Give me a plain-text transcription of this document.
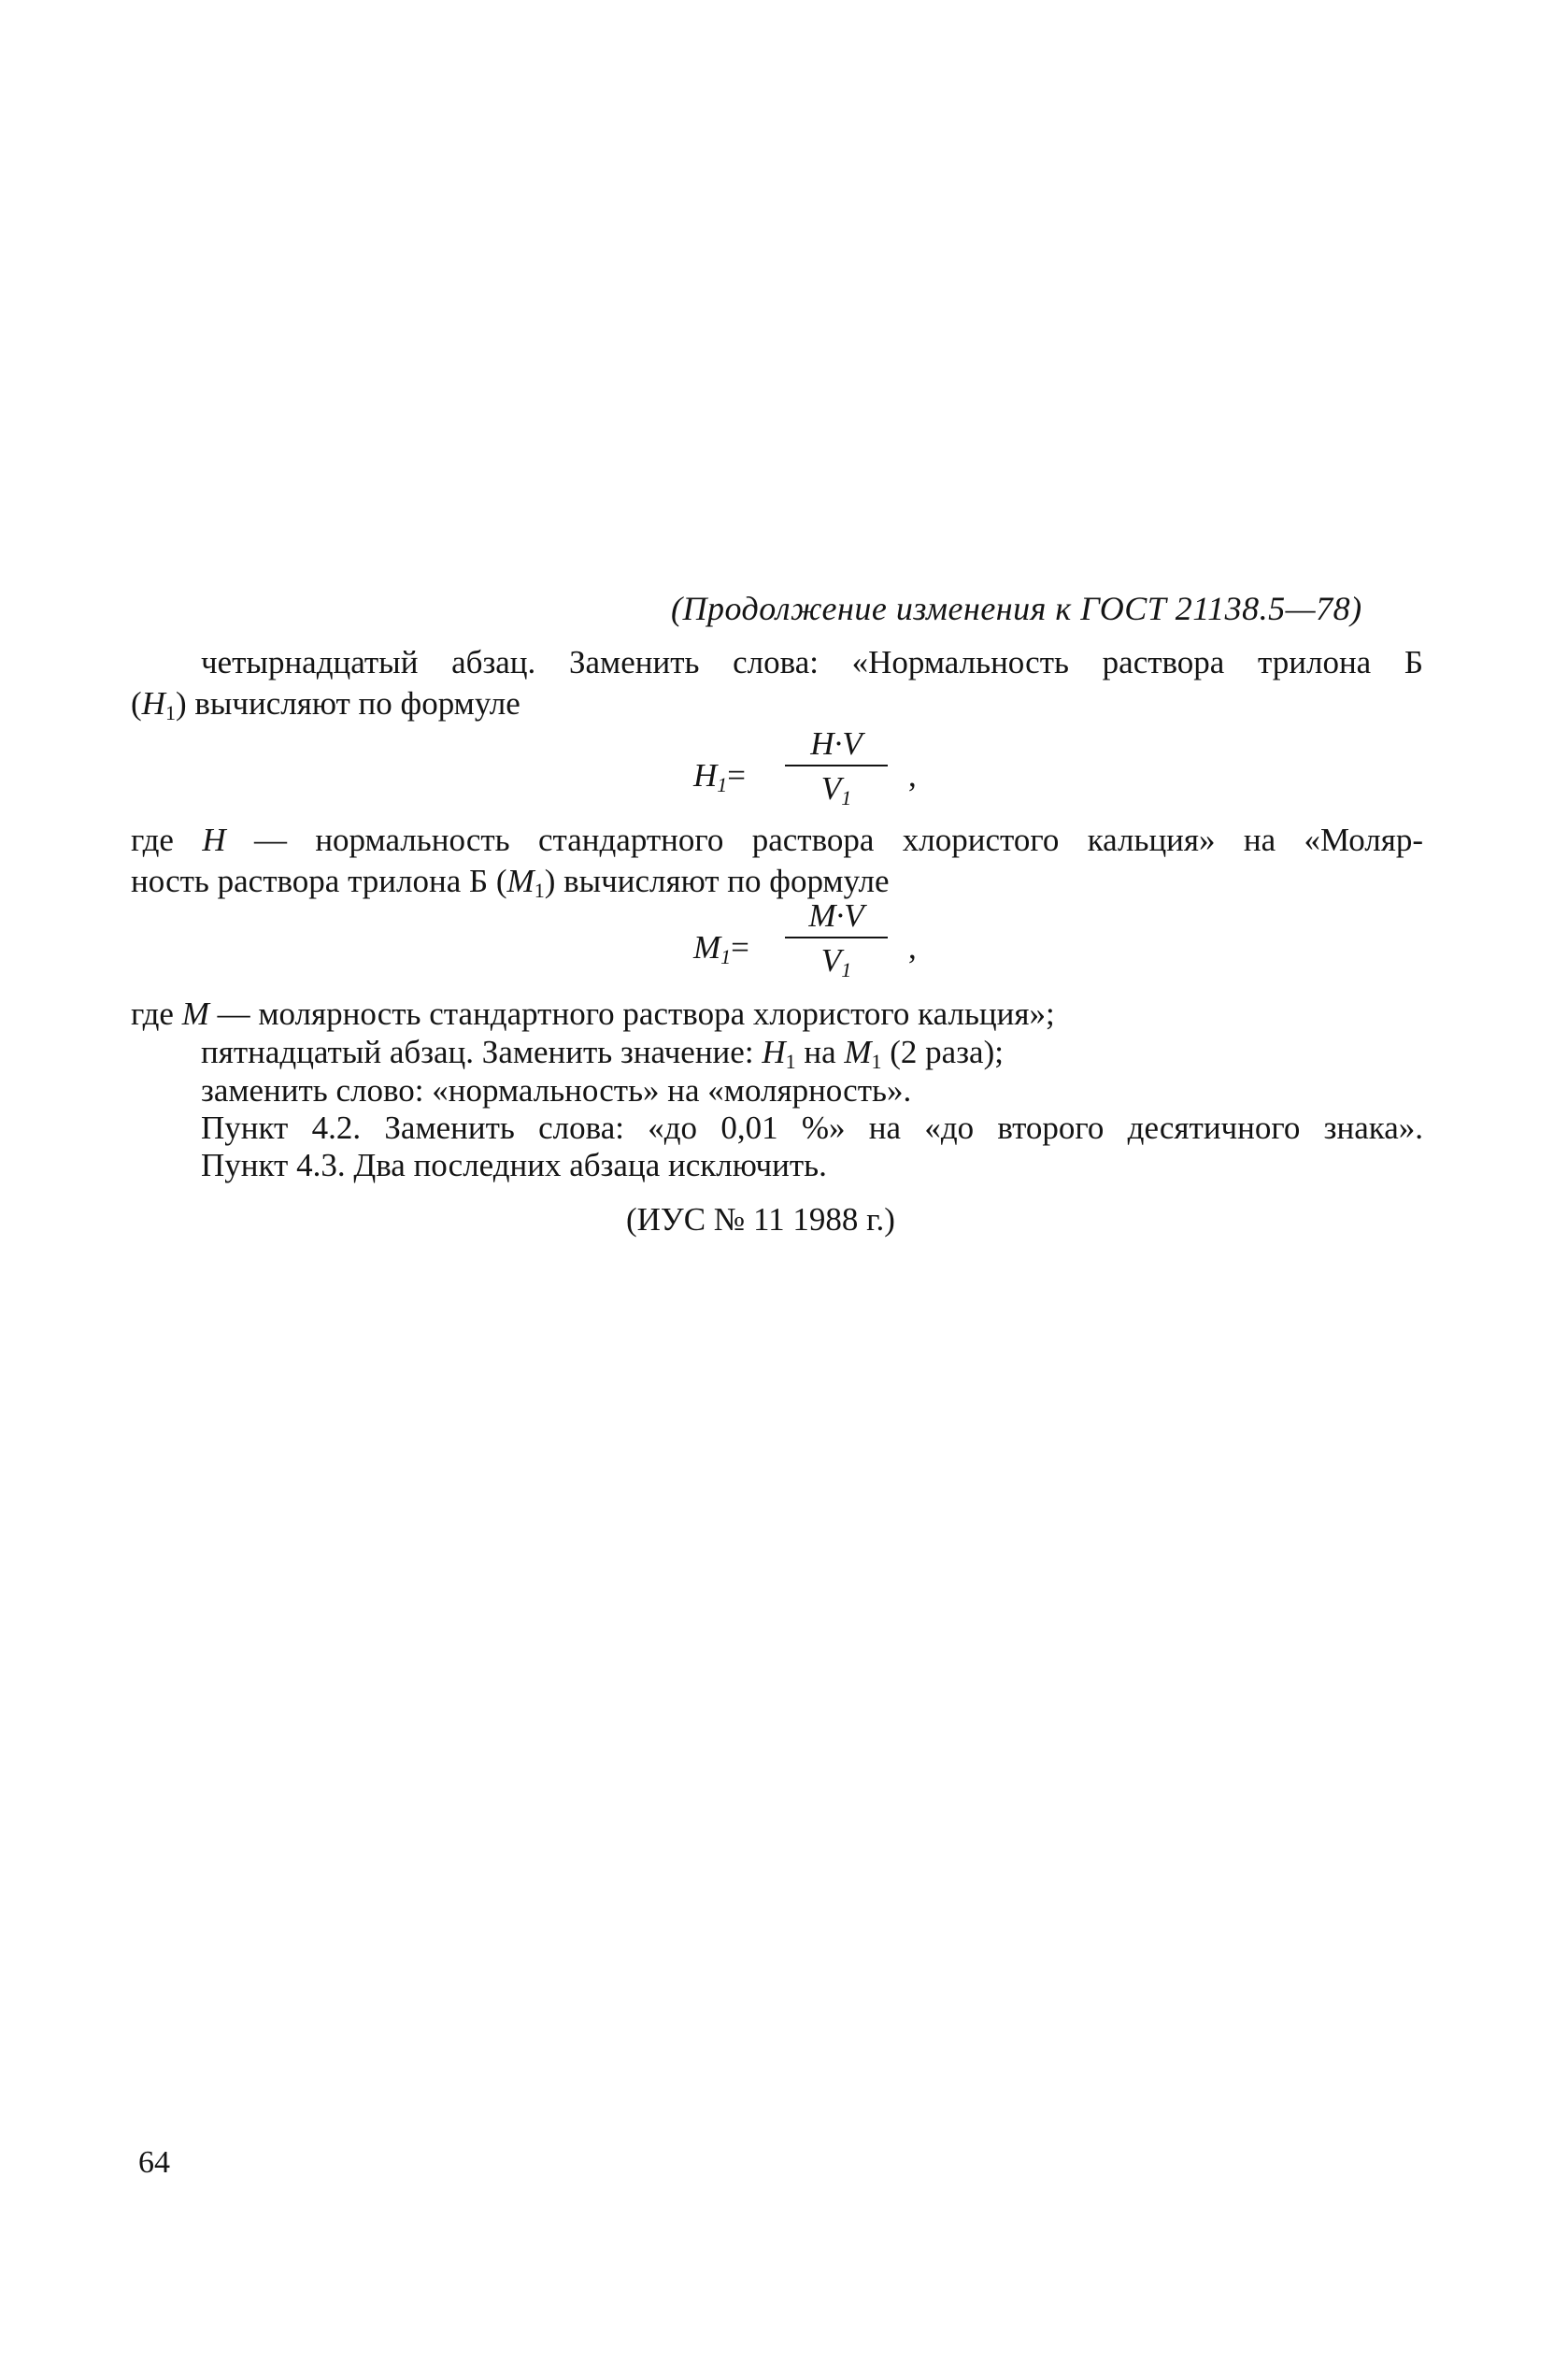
(Продолжение изменения к ГОСТ 21138.5—78)
четырнадцатый абзац. Заменить слова: «Нормальность раствора трилона Б
$(Н_1)$ вычисляют по формуле
$Н_1=$
Н·V
$V_1$
,
где Н — нормальность стандартного раствора хлористого кальция» на «Моляр-
ность раствора трилона Б $(М_1)$ вычисляют по формуле
$М_1=$
М·V
$V_1$
,
где М — молярность стандартного раствора хлористого кальция»;
пятнадцатый абзац. Заменить значение: $Н_1$ на $М_1$ (2 раза);
заменить слово: «нормальность» на «молярность».
Пункт 4.2. Заменить слова: «до 0,01 %» на «до второго десятичного знака».
Пункт 4.3. Два последних абзаца исключить.
(ИУС № 11 1988 г.)
64
